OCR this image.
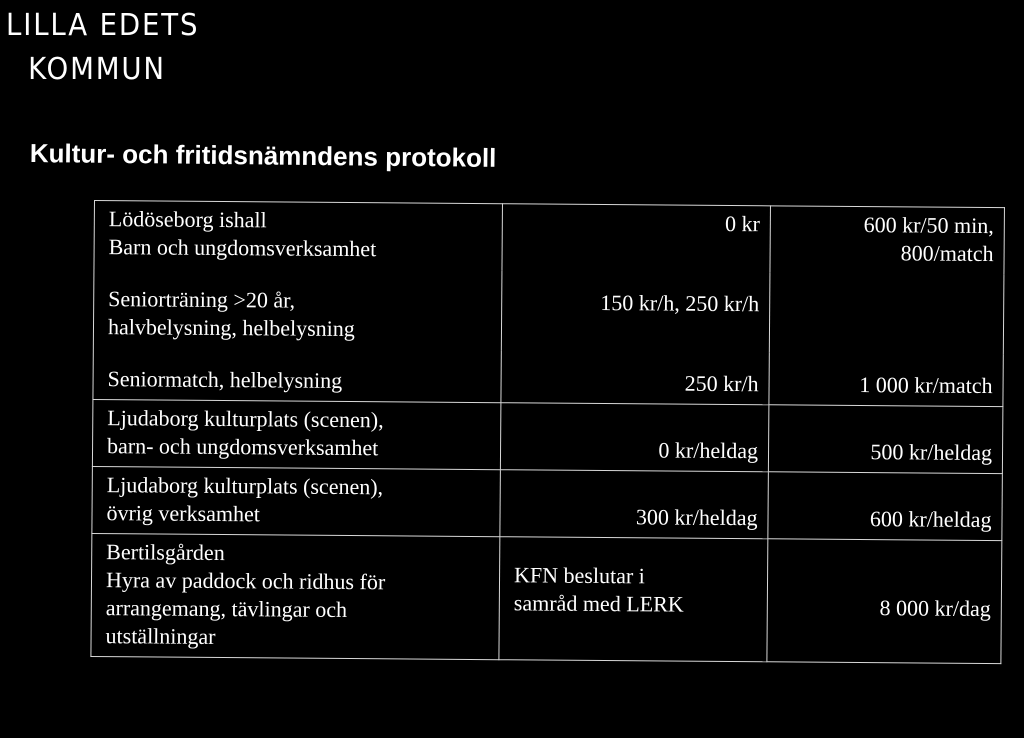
LILLA EDETS
KOMMUN
Kultur- och fritidsnämndens protokoll
Lödöseborg ishall
Barn och ungdomsverksamhet	0 kr	600 kr/50 min,
800/match

Seniorträning >20 år,
halvbelysning, helbelysning	150 kr/h, 250 kr/h	

Seniormatch, helbelysning	250 kr/h	1 000 kr/match

Ljudaborg kulturplats (scenen),
barn- och ungdomsverksamhet	0 kr/heldag	500 kr/heldag

Ljudaborg kulturplats (scenen),
övrig verksamhet	300 kr/heldag	600 kr/heldag

Bertilsgården
Hyra av paddock och ridhus för
arrangemang, tävlingar och
utställningar	KFN beslutar i
samråd med LERK	8 000 kr/dag
